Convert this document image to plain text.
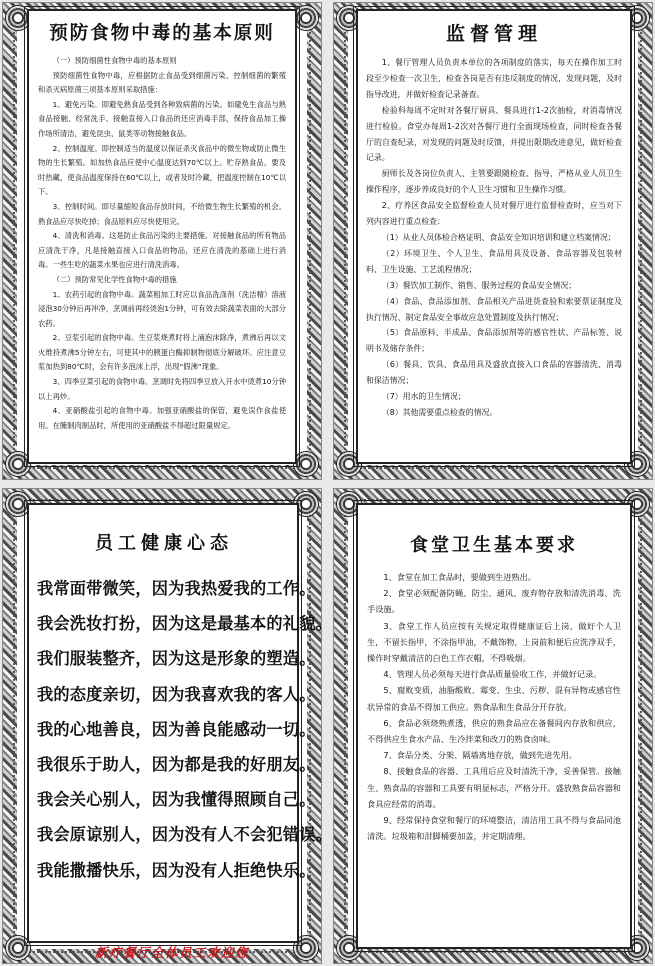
预防食物中毒的基本原则

（一）预防细菌性食物中毒的基本原则

预防细菌性食物中毒，应根据防止食品受到细菌污染、控制细菌的繁殖和杀灭病原菌三项基本原则采取措施：

1、避免污染。即避免熟食品受到各种致病菌的污染。如避免生食品与熟食品接触、经常洗手、接触直接入口食品的还应消毒手部，保持食品加工操作场所清洁，避免昆虫、鼠类等动物接触食品。

2、控制温度。即控制适当的温度以保证杀灭食品中的微生物或防止微生物的生长繁殖。如加热食品应使中心温度达到70℃以上。贮存熟食品，要及时热藏，使食品温度保持在60℃以上，或者及时冷藏，把温度控制在10℃以下。

3、控制时间。即尽量缩短食品存放时间，不给微生物生长繁殖的机会。熟食品应尽快吃掉；食品原料应尽快使用完。

4、清洗和消毒。这是防止食品污染的主要措施。对接触食品的所有物品应清洗干净，凡是接触直接入口食品的物品，还应在清洗的基础上进行消毒。一些生吃的蔬菜水果也应进行清洗消毒。

（二）预防常见化学性食物中毒的措施

1、农药引起的食物中毒。蔬菜粗加工时应以食品洗涤剂（洗洁精）溶液浸泡30分钟后再冲净，烹调前再经烫泡1分钟，可有效去除蔬菜表面的大部分农药。

2、豆浆引起的食物中毒。生豆浆烧煮时将上涌泡沫除净，煮沸后再以文火维持煮沸5分钟左右，可使其中的胰蛋白酶抑制物彻底分解破坏。应注意豆浆加热到80℃时，会有许多泡沫上浮，出现“假沸”现象。

3、四季豆菜引起的食物中毒。烹调时先将四季豆放入开水中烫煮10分钟以上再炒。

4、亚硝酸盐引起的食物中毒。加强亚硝酸盐的保管，避免误作食盐使用。在腌制肉制品时，所使用的亚硝酸盐不得超过限量规定。

监督管理

1、餐厅管理人员负责本单位的各项制度的落实，每天在操作加工时段至少检查一次卫生，检查各岗是否有违反制度的情况，发现问题，及时指导改进，并做好检查记录备查。

检验科每周不定时对各餐厅厨具、餐具进行1-2次抽检，对消毒情况进行检验。食堂办每周1-2次对各餐厅进行全面现场检查，同时检查各餐厅的自查纪录，对发现的问题及时反馈，并提出限期改进意见，做好检查记录。

厨师长及各岗位负责人、主管要跟随检查、指导，严格从业人员卫生操作程序，逐步养成良好的个人卫生习惯和卫生操作习惯。

2、疗养区食品安全监督检查人员对餐厅进行监督检查时，应当对下列内容进行重点检查：

（1）从业人员体检合格证明、食品安全知识培训和建立档案情况；

（2）环境卫生、个人卫生、食品用具及设备、食品容器及包装材料、卫生设施、工艺流程情况；

（3）餐饮加工制作、销售、服务过程的食品安全情况；

（4）食品、食品添加剂、食品相关产品进货查验和索要票证制度及执行情况、制定食品安全事故应急处置制度及执行情况；

（5）食品原料、半成品、食品添加剂等的感官性状、产品标签、说明书及储存条件；

（6）餐具、饮具、食品用具及盛放直接入口食品的容器清洗、消毒和保洁情况；

（7）用水的卫生情况；

（8）其他需要重点检查的情况。

员工健康心态

我常面带微笑，因为我热爱我的工作。

我会洗妆打扮，因为这是最基本的礼貌。

我们服装整齐，因为这是形象的塑造。

我的态度亲切，因为我喜欢我的客人。

我的心地善良，因为善良能感动一切。

我很乐于助人，因为都是我的好朋友。

我会关心别人，因为我懂得照顾自己。

我会原谅别人，因为没有人不会犯错误。

我能撒播快乐，因为没有人拒绝快乐。

新疗餐厅全体员工欢迎您
食堂卫生基本要求

1、食堂在加工食品时，要做到生进熟出。

2、食堂必须配备防蝇、防尘、通风、废弃物存放和清洗消毒、洗手设施。

3、食堂工作人员应按有关规定取得健康证后上岗，做好个人卫生，不留长指甲，不涂指甲油，不戴饰物，上岗前和便后应洗净双手，操作时穿戴清洁的白色工作衣帽，不得吸烟。

4、管理人员必须每天进行食品质量验收工作，并做好记录。

5、腐败变质，油脂酸败、霉变、生虫、污秽、混有异物或感官性状异常的食品不得加工供应。熟食品和生食品分开存放。

6、食品必须烧熟煮透，供应的熟食品应在备餐间内存放和供应，不得供应生食水产品、生冷拌菜和改刀的熟食卤味。

7、食品分类、分架、隔墙离地存放，做到先进先用。

8、接触食品的容器、工具用后应及时清洗干净，妥善保管。接触生、熟食品的容器和工具要有明显标志，严格分开。盛放熟食品容器和食具应经常的消毒。

9、经常保持食堂和餐厅的环境整洁，清洁用工具不得与食品同池清洗。垃圾箱和泔脚桶要加盖，并定期清理。
